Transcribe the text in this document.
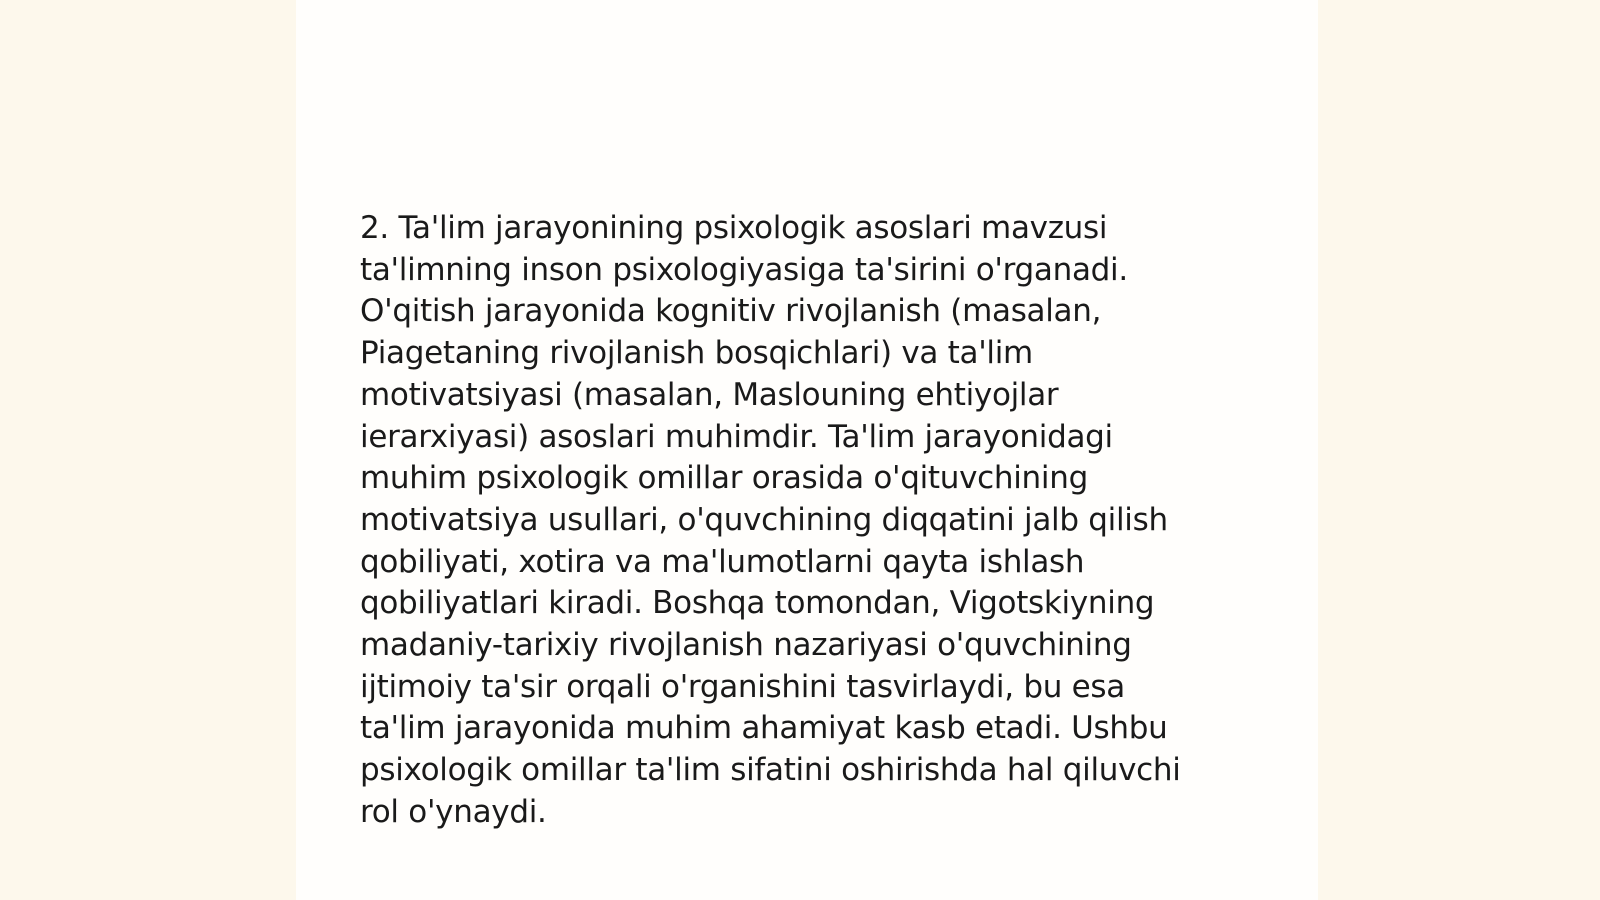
2. Ta'lim jarayonining psixologik asoslari mavzusi
ta'limning inson psixologiyasiga ta'sirini o'rganadi.
O'qitish jarayonida kognitiv rivojlanish (masalan,
Piagetaning rivojlanish bosqichlari) va ta'lim
motivatsiyasi (masalan, Maslouning ehtiyojlar
ierarxiyasi) asoslari muhimdir. Ta'lim jarayonidagi
muhim psixologik omillar orasida o'qituvchining
motivatsiya usullari, o'quvchining diqqatini jalb qilish
qobiliyati, xotira va ma'lumotlarni qayta ishlash
qobiliyatlari kiradi. Boshqa tomondan, Vigotskiyning
madaniy-tarixiy rivojlanish nazariyasi o'quvchining
ijtimoiy ta'sir orqali o'rganishini tasvirlaydi, bu esa
ta'lim jarayonida muhim ahamiyat kasb etadi. Ushbu
psixologik omillar ta'lim sifatini oshirishda hal qiluvchi
rol o'ynaydi.
